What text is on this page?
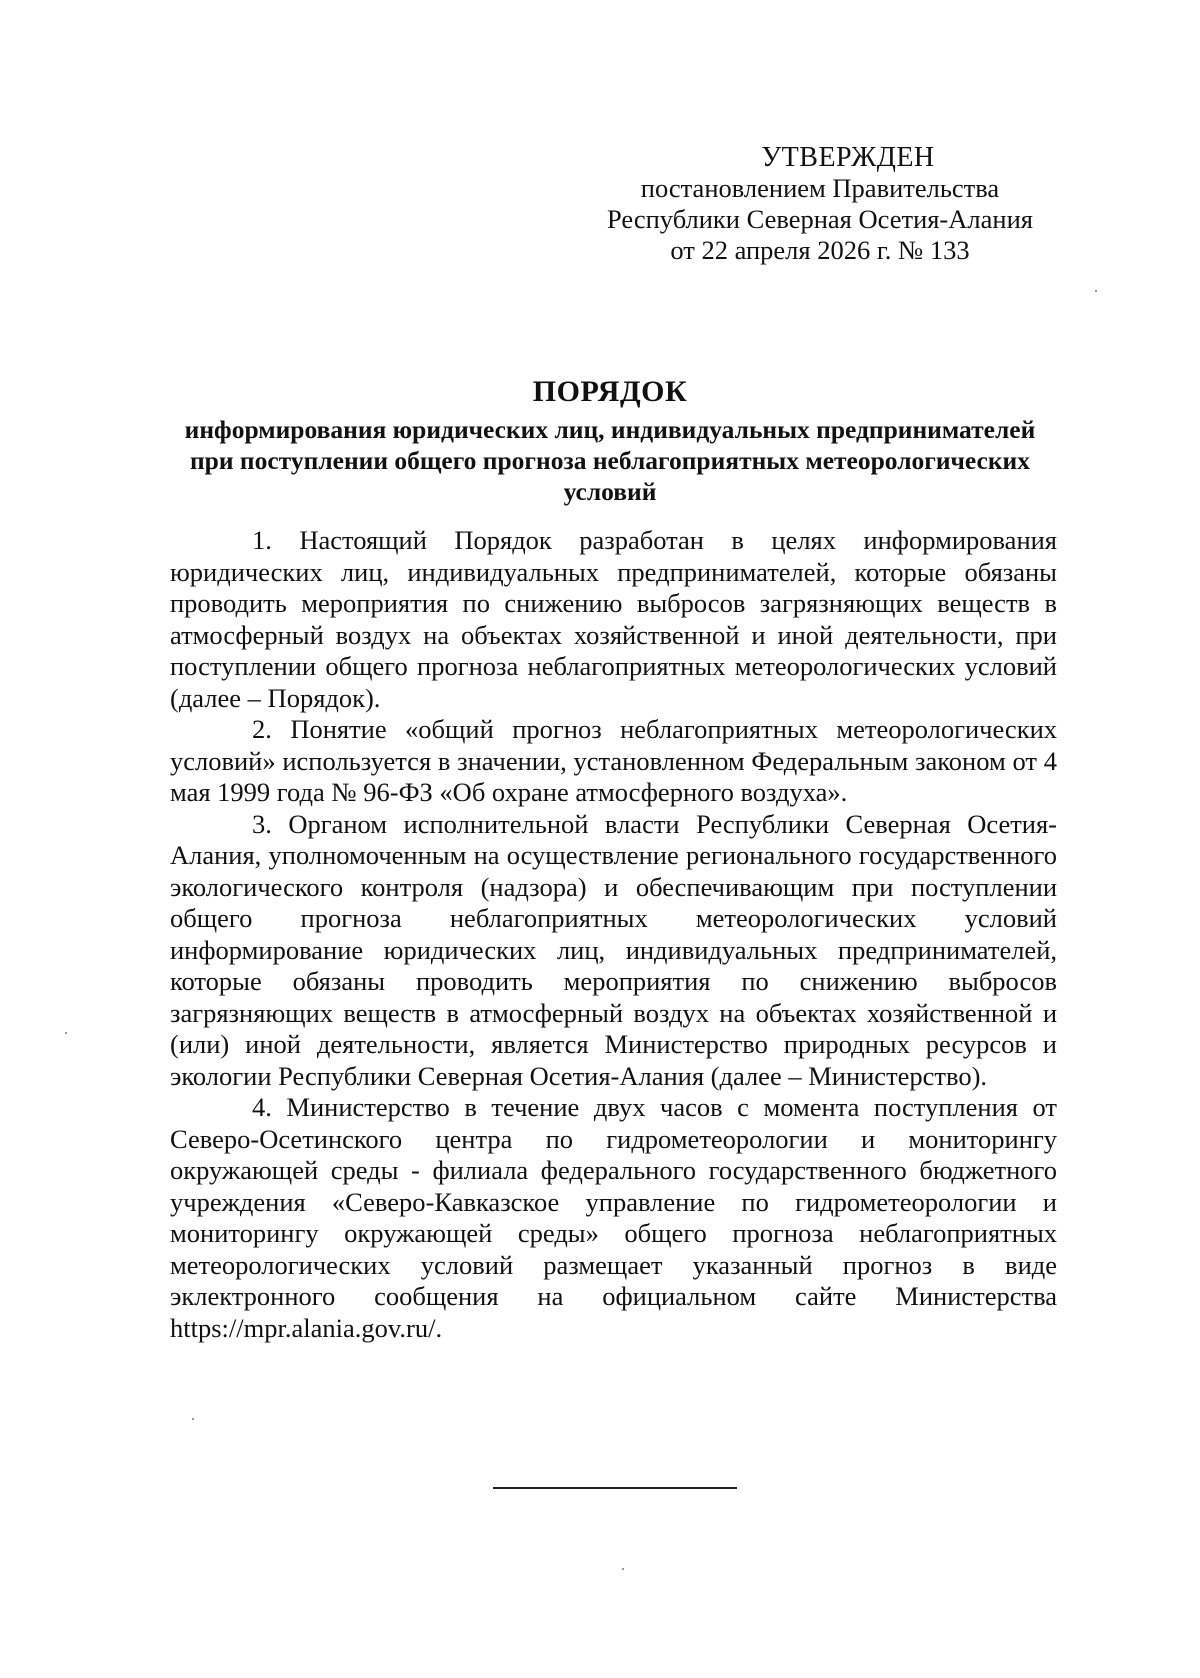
УТВЕРЖДЕН
постановлением Правительства
Республики Северная Осетия-Алания
от 22 апреля 2026 г. № 133
ПОРЯДОК
информирования юридических лиц, индивидуальных предпринимателей при поступлении общего прогноза неблагоприятных метеорологических условий

1. Настоящий Порядок разработан в целях информирования юридических лиц, индивидуальных предпринимателей, которые обязаны проводить мероприятия по снижению выбросов загрязняющих веществ в атмосферный воздух на объектах хозяйственной и иной деятельности, при поступлении общего прогноза неблагоприятных метеорологических условий (далее – Порядок).

2. Понятие «общий прогноз неблагоприятных метеорологических условий» используется в значении, установленном Федеральным законом от 4 мая 1999 года № 96-ФЗ «Об охране атмосферного воздуха».

3. Органом исполнительной власти Республики Северная Осетия-Алания, уполномоченным на осуществление регионального государственного экологического контроля (надзора) и обеспечивающим при поступлении общего прогноза неблагоприятных метеорологических условий информирование юридических лиц, индивидуальных предпринимателей, которые обязаны проводить мероприятия по снижению выбросов загрязняющих веществ в атмосферный воздух на объектах хозяйственной и (или) иной деятельности, является Министерство природных ресурсов и экологии Республики Северная Осетия-Алания (далее – Министерство).

4. Министерство в течение двух часов с момента поступления от Северо-Осетинского центра по гидрометеорологии и мониторингу окружающей среды - филиала федерального государственного бюджетного учреждения «Северо-Кавказское управление по гидрометеорологии и мониторингу окружающей среды» общего прогноза неблагоприятных метеорологических условий размещает указанный прогноз в виде эклектронного сообщения на официальном сайте Министерства https://mpr.alania.gov.ru/.
